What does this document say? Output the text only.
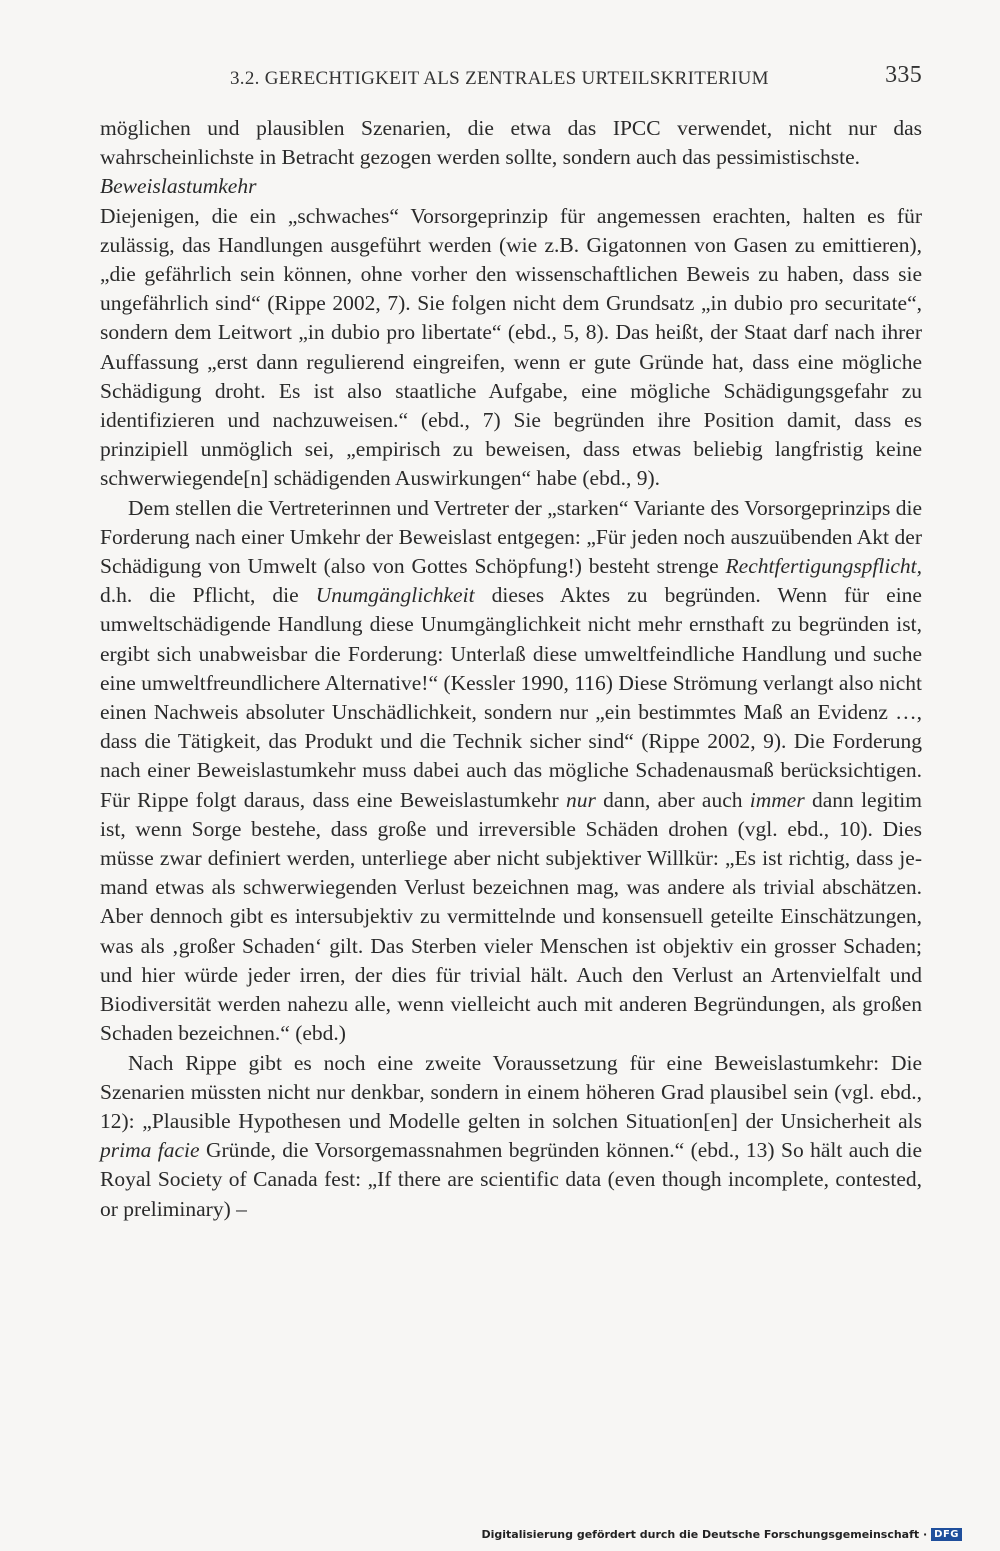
3.2. GERECHTIGKEIT ALS ZENTRALES URTEILSKRITERIUM	335

möglichen und plausiblen Szenarien, die etwa das IPCC verwendet, nicht nur das wahrscheinlichste in Betracht gezogen werden sollte, sondern auch das pessimistischste.

Beweislastumkehr

Diejenigen, die ein „schwaches“ Vorsorgeprinzip für angemessen erachten, halten es für zulässig, das Handlungen ausgeführt werden (wie z.B. Gigatonnen von Gasen zu emittieren), „die gefährlich sein können, ohne vorher den wissenschaftlichen Beweis zu haben, dass sie ungefährlich sind“ (Rippe 2002, 7). Sie folgen nicht dem Grundsatz „in dubio pro securitate“, sondern dem Leitwort „in dubio pro libertate“ (ebd., 5, 8). Das heißt, der Staat darf nach ihrer Auffassung „erst dann regulierend eingreifen, wenn er gute Gründe hat, dass eine mögliche Schädigung droht. Es ist also staatliche Aufgabe, eine mögliche Schädigungsgefahr zu identifizieren und nachzuweisen.“ (ebd., 7) Sie begründen ihre Position damit, dass es prinzipiell unmöglich sei, „empirisch zu beweisen, dass etwas beliebig langfristig keine schwerwiegende[n] schädigenden Auswirkungen“ habe (ebd., 9).

Dem stellen die Vertreterinnen und Vertreter der „starken“ Variante des Vorsorgeprinzips die Forderung nach einer Umkehr der Beweislast entgegen: „Für jeden noch auszuübenden Akt der Schädigung von Umwelt (also von Gottes Schöpfung!) besteht strenge Rechtfertigungspflicht, d.h. die Pflicht, die Unumgänglichkeit dieses Aktes zu begründen. Wenn für eine umweltschädigende Handlung diese Unumgänglichkeit nicht mehr ernsthaft zu begründen ist, ergibt sich unabweisbar die Forderung: Unterlaß diese umweltfeindliche Handlung und suche eine umweltfreundlichere Alternative!“ (Kessler 1990, 116) Diese Strömung verlangt also nicht einen Nachweis absoluter Unschädlichkeit, sondern nur „ein bestimmtes Maß an Evidenz …, dass die Tätigkeit, das Produkt und die Technik sicher sind“ (Rippe 2002, 9). Die Forderung nach einer Beweislastumkehr muss dabei auch das mögliche Schadenausmaß berücksichtigen. Für Rippe folgt daraus, dass eine Beweislastumkehr nur dann, aber auch immer dann legitim ist, wenn Sorge bestehe, dass große und irreversible Schäden drohen (vgl. ebd., 10). Dies müsse zwar definiert werden, unterliege aber nicht subjektiver Willkür: „Es ist richtig, dass jemand etwas als schwerwiegenden Verlust bezeichnen mag, was andere als trivial abschätzen. Aber dennoch gibt es intersubjektiv zu vermittelnde und konsensuell geteilte Einschätzungen, was als ‚großer Schaden‘ gilt. Das Sterben vieler Menschen ist objektiv ein grosser Schaden; und hier würde jeder irren, der dies für trivial hält. Auch den Verlust an Artenvielfalt und Biodiversität werden nahezu alle, wenn vielleicht auch mit anderen Begründungen, als großen Schaden bezeichnen.“ (ebd.)

Nach Rippe gibt es noch eine zweite Voraussetzung für eine Beweislastumkehr: Die Szenarien müssten nicht nur denkbar, sondern in einem höheren Grad plausibel sein (vgl. ebd., 12): „Plausible Hypothesen und Modelle gelten in solchen Situation[en] der Unsicherheit als prima facie Gründe, die Vorsorgemassnahmen begründen können.“ (ebd., 13) So hält auch die Royal Society of Canada fest: „If there are scientific data (even though incomplete, contested, or preliminary) –

Digitalisierung gefördert durch die Deutsche Forschungsgemeinschaft · DFG
